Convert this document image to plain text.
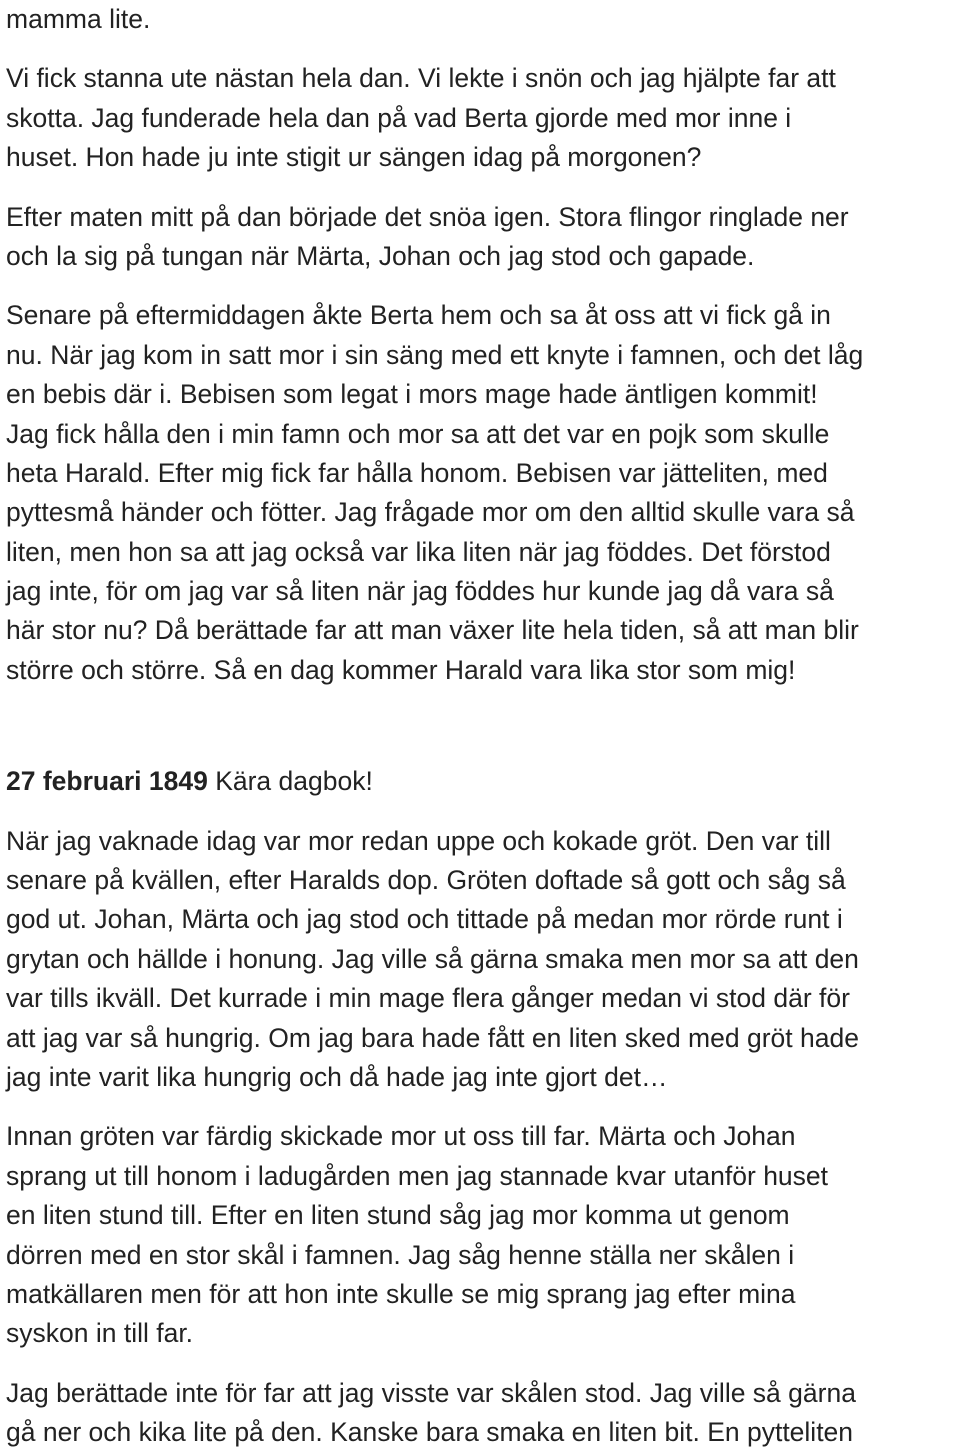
mamma lite.
Vi fick stanna ute nästan hela dan. Vi lekte i snön och jag hjälpte far att
skotta. Jag funderade hela dan på vad Berta gjorde med mor inne i
huset. Hon hade ju inte stigit ur sängen idag på morgonen?
Efter maten mitt på dan började det snöa igen. Stora flingor ringlade ner
och la sig på tungan när Märta, Johan och jag stod och gapade.
Senare på eftermiddagen åkte Berta hem och sa åt oss att vi fick gå in
nu. När jag kom in satt mor i sin säng med ett knyte i famnen, och det låg
en bebis där i. Bebisen som legat i mors mage hade äntligen kommit!
Jag fick hålla den i min famn och mor sa att det var en pojk som skulle
heta Harald. Efter mig fick far hålla honom. Bebisen var jätteliten, med
pyttesmå händer och fötter. Jag frågade mor om den alltid skulle vara så
liten, men hon sa att jag också var lika liten när jag föddes. Det förstod
jag inte, för om jag var så liten när jag föddes hur kunde jag då vara så
här stor nu? Då berättade far att man växer lite hela tiden, så att man blir
större och större. Så en dag kommer Harald vara lika stor som mig!
27 februari 1849 Kära dagbok!
När jag vaknade idag var mor redan uppe och kokade gröt. Den var till
senare på kvällen, efter Haralds dop. Gröten doftade så gott och såg så
god ut. Johan, Märta och jag stod och tittade på medan mor rörde runt i
grytan och hällde i honung. Jag ville så gärna smaka men mor sa att den
var tills ikväll. Det kurrade i min mage flera gånger medan vi stod där för
att jag var så hungrig. Om jag bara hade fått en liten sked med gröt hade
jag inte varit lika hungrig och då hade jag inte gjort det…
Innan gröten var färdig skickade mor ut oss till far. Märta och Johan
sprang ut till honom i ladugården men jag stannade kvar utanför huset
en liten stund till. Efter en liten stund såg jag mor komma ut genom
dörren med en stor skål i famnen. Jag såg henne ställa ner skålen i
matkällaren men för att hon inte skulle se mig sprang jag efter mina
syskon in till far.
Jag berättade inte för far att jag visste var skålen stod. Jag ville så gärna
gå ner och kika lite på den. Kanske bara smaka en liten bit. En pytteliten
